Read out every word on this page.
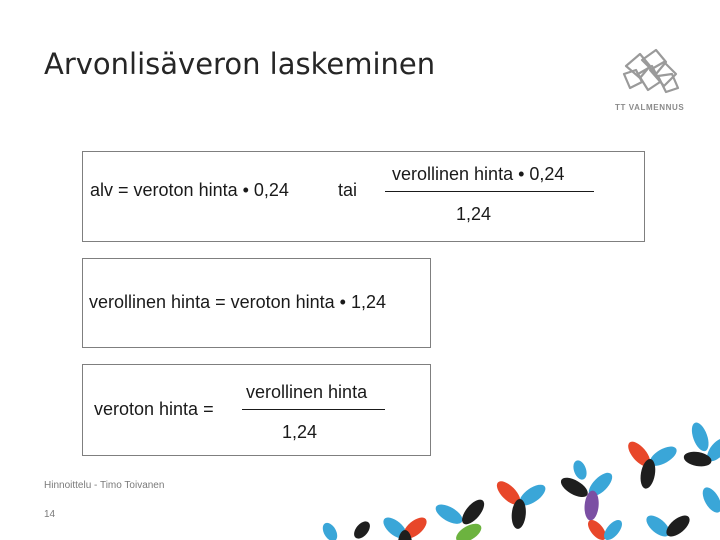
Arvonlisäveron laskeminen
TT VALMENNUS
alv = veroton hinta • 0,24	tai
verollinen hinta • 0,24
1,24
verollinen hinta = veroton hinta • 1,24
veroton hinta =
verollinen hinta
1,24
Hinnoittelu - Timo Toivanen
14
